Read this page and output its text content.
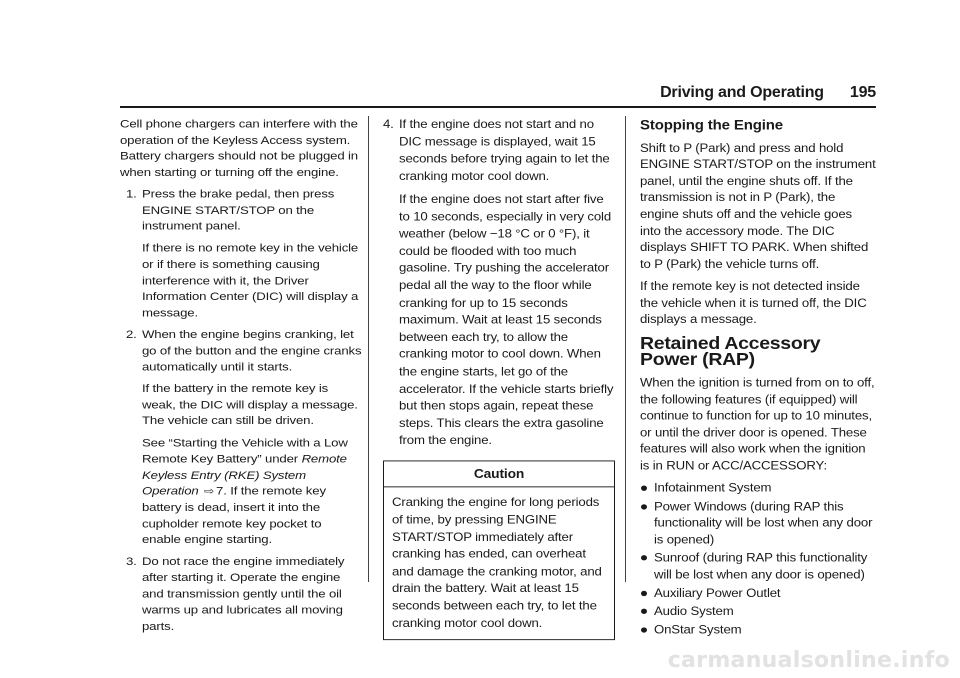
Driving and Operating 195

Cell phone chargers can interfere with the operation of the Keyless Access system. Battery chargers should not be plugged in when starting or turning off the engine.

1. Press the brake pedal, then press ENGINE START/STOP on the instrument panel.

If there is no remote key in the vehicle or if there is something causing interference with it, the Driver Information Center (DIC) will display a message.

2. When the engine begins cranking, let go of the button and the engine cranks automatically until it starts.

If the battery in the remote key is weak, the DIC will display a message. The vehicle can still be driven.

See “Starting the Vehicle with a Low Remote Key Battery” under Remote Keyless Entry (RKE) System Operation ⇨ 7. If the remote key battery is dead, insert it into the cupholder remote key pocket to enable engine starting.

3. Do not race the engine immediately after starting it. Operate the engine and transmission gently until the oil warms up and lubricates all moving parts.

4. If the engine does not start and no DIC message is displayed, wait 15 seconds before trying again to let the cranking motor cool down.

If the engine does not start after five to 10 seconds, especially in very cold weather (below −18 °C or 0 °F), it could be flooded with too much gasoline. Try pushing the accelerator pedal all the way to the floor while cranking for up to 15 seconds maximum. Wait at least 15 seconds between each try, to allow the cranking motor to cool down. When the engine starts, let go of the accelerator. If the vehicle starts briefly but then stops again, repeat these steps. This clears the extra gasoline from the engine.

Caution
Cranking the engine for long periods of time, by pressing ENGINE START/STOP immediately after cranking has ended, can overheat and damage the cranking motor, and drain the battery. Wait at least 15 seconds between each try, to let the cranking motor cool down.
Stopping the Engine

Shift to P (Park) and press and hold ENGINE START/STOP on the instrument panel, until the engine shuts off. If the transmission is not in P (Park), the engine shuts off and the vehicle goes into the accessory mode. The DIC displays SHIFT TO PARK. When shifted to P (Park) the vehicle turns off.

If the remote key is not detected inside the vehicle when it is turned off, the DIC displays a message.

Retained Accessory Power (RAP)

When the ignition is turned from on to off, the following features (if equipped) will continue to function for up to 10 minutes, or until the driver door is opened. These features will also work when the ignition is in RUN or ACC/ACCESSORY:

Infotainment System
Power Windows (during RAP this functionality will be lost when any door is opened)
Sunroof (during RAP this functionality will be lost when any door is opened)
Auxiliary Power Outlet
Audio System
OnStar System
carmanualsonline.info
